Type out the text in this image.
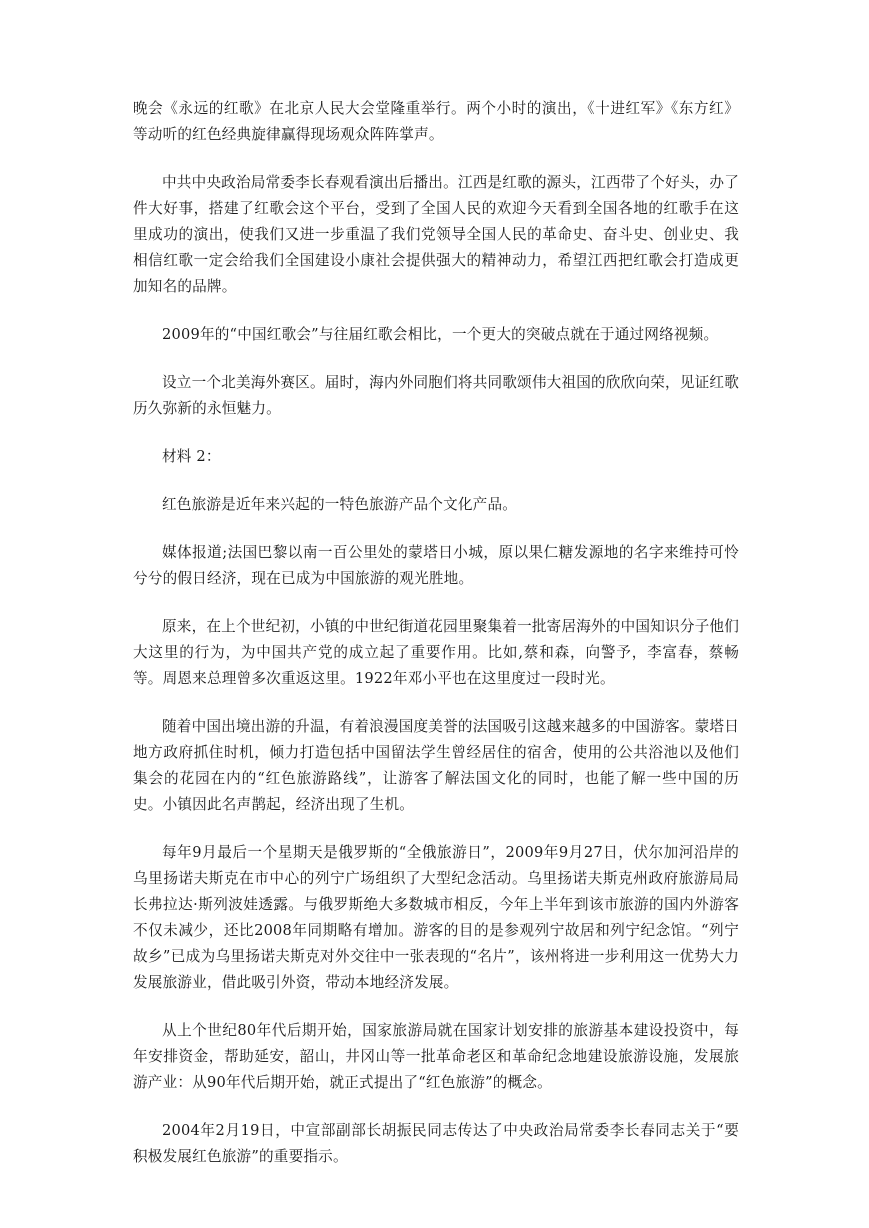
晚会《永远的红歌》在北京人民大会堂隆重举行。两个小时的演出，《十进红军》《东方红》等动听的红色经典旋律赢得现场观众阵阵掌声。

中共中央政治局常委李长春观看演出后播出。江西是红歌的源头，江西带了个好头，办了件大好事，搭建了红歌会这个平台，受到了全国人民的欢迎今天看到全国各地的红歌手在这里成功的演出，使我们又进一步重温了我们党领导全国人民的革命史、奋斗史、创业史、我相信红歌一定会给我们全国建设小康社会提供强大的精神动力，希望江西把红歌会打造成更加知名的品牌。

2009年的“中国红歌会”与往届红歌会相比，一个更大的突破点就在于通过网络视频。

设立一个北美海外赛区。届时，海内外同胞们将共同歌颂伟大祖国的欣欣向荣，见证红歌历久弥新的永恒魅力。

材料 2：

红色旅游是近年来兴起的一特色旅游产品个文化产品。

媒体报道;法国巴黎以南一百公里处的蒙塔日小城，原以果仁糖发源地的名字来维持可怜兮兮的假日经济，现在已成为中国旅游的观光胜地。

原来，在上个世纪初，小镇的中世纪街道花园里聚集着一批寄居海外的中国知识分子他们大这里的行为，为中国共产党的成立起了重要作用。比如,蔡和森，向警予，李富春，蔡畅等。周恩来总理曾多次重返这里。1922年邓小平也在这里度过一段时光。

随着中国出境出游的升温，有着浪漫国度美誉的法国吸引这越来越多的中国游客。蒙塔日地方政府抓住时机，倾力打造包括中国留法学生曾经居住的宿舍，使用的公共浴池以及他们集会的花园在内的“红色旅游路线”，让游客了解法国文化的同时，也能了解一些中国的历史。小镇因此名声鹊起，经济出现了生机。

每年9月最后一个星期天是俄罗斯的“全俄旅游日”，2009年9月27日，伏尔加河沿岸的乌里扬诺夫斯克在市中心的列宁广场组织了大型纪念活动。乌里扬诺夫斯克州政府旅游局局长弗拉达·斯列波娃透露。与俄罗斯绝大多数城市相反，今年上半年到该市旅游的国内外游客不仅未减少，还比2008年同期略有增加。游客的目的是参观列宁故居和列宁纪念馆。“列宁故乡”已成为乌里扬诺夫斯克对外交往中一张表现的“名片”，该州将进一步利用这一优势大力发展旅游业，借此吸引外资，带动本地经济发展。

从上个世纪80年代后期开始，国家旅游局就在国家计划安排的旅游基本建设投资中，每年安排资金，帮助延安，韶山，井冈山等一批革命老区和革命纪念地建设旅游设施，发展旅游产业：从90年代后期开始，就正式提出了“红色旅游”的概念。

2004年2月19日，中宣部副部长胡振民同志传达了中央政治局常委李长春同志关于“要积极发展红色旅游”的重要指示。
